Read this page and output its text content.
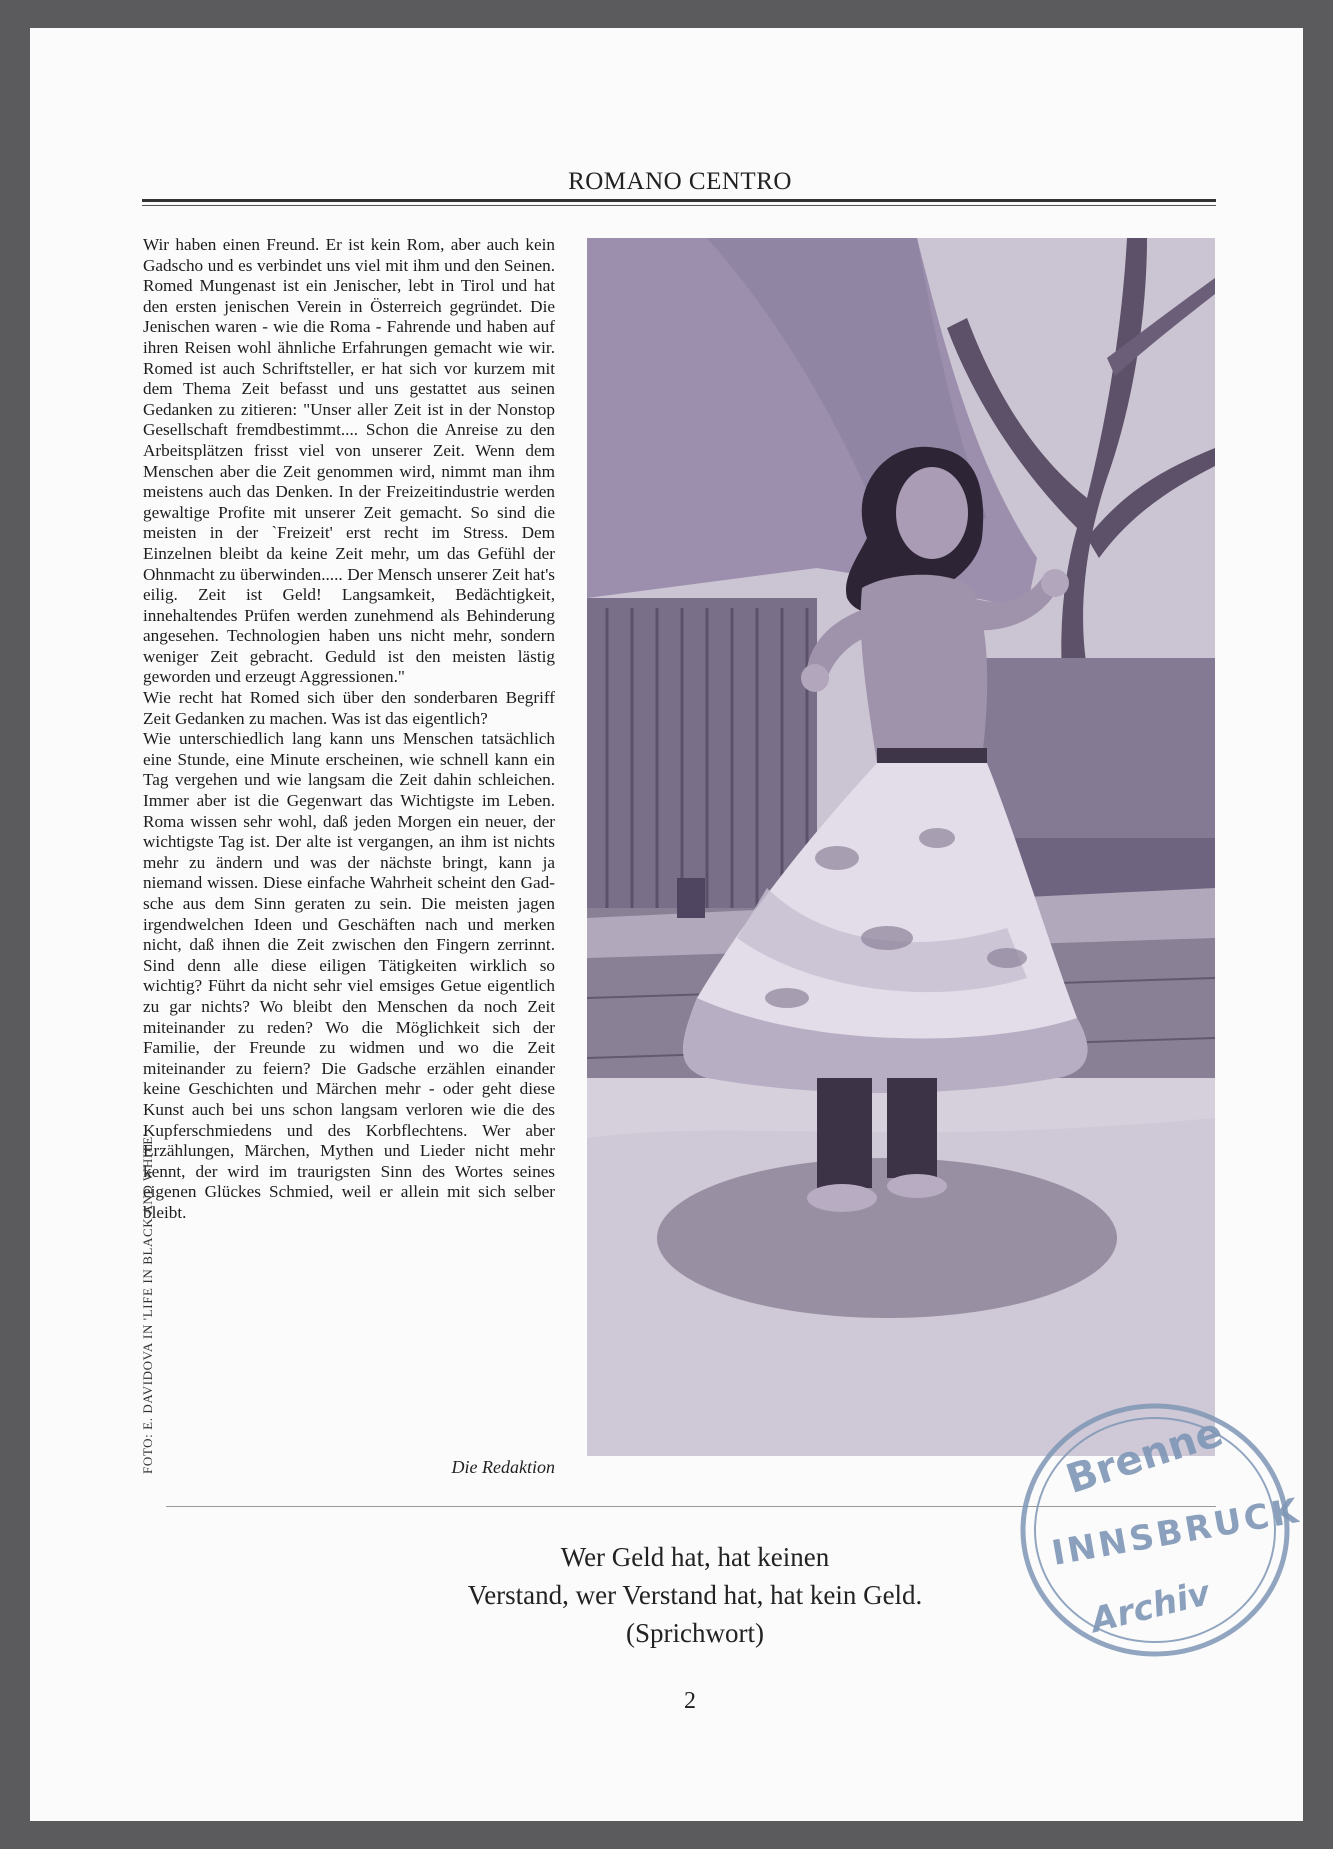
ROMANO CENTRO

Wir haben einen Freund. Er ist kein Rom, aber auch kein Gadscho und es verbindet uns viel mit ihm und den Seinen. Romed Mungenast ist ein Jenischer, lebt in Tirol und hat den ersten jenischen Verein in Österreich gegründet. Die Jenischen waren - wie die Roma - Fahrende und haben auf ihren Reisen wohl ähnliche Erfahrungen gemacht wie wir. Romed ist auch Schriftsteller, er hat sich vor kurzem mit dem Thema Zeit befasst und uns gestattet aus seinen Gedanken zu zitieren: "Unser aller Zeit ist in der Nonstop Gesellschaft fremdbestimmt.... Schon die Anreise zu den Arbeitsplätzen frisst viel von unserer Zeit. Wenn dem Menschen aber die Zeit genommen wird, nimmt man ihm meistens auch das Denken. In der Freizeitindustrie werden gewaltige Profite mit unserer Zeit gemacht. So sind die meisten in der `Freizeit' erst recht im Stress. Dem Einzelnen bleibt da keine Zeit mehr, um das Gefühl der Ohnmacht zu überwinden..... Der Mensch unserer Zeit hat's eilig. Zeit ist Geld! Langsamkeit, Bedächtigkeit, innehaltendes Prüfen werden zunehmend als Behinderung angesehen. Technologien haben uns nicht mehr, sondern weniger Zeit gebracht. Geduld ist den meisten lästig geworden und erzeugt Aggressionen."

Wie recht hat Romed sich über den sonderbaren Begriff Zeit Gedanken zu machen. Was ist das eigentlich?

Wie unterschiedlich lang kann uns Menschen tatsächlich eine Stunde, eine Minute erscheinen, wie schnell kann ein Tag vergehen und wie langsam die Zeit dahin schleichen. Immer aber ist die Gegenwart das Wichtigste im Leben. Roma wissen sehr wohl, daß jeden Morgen ein neuer, der wichtigste Tag ist. Der alte ist vergangen, an ihm ist nichts mehr zu ändern und was der nächste bringt, kann ja niemand wissen. Diese einfache Wahrheit scheint den Gadsche aus dem Sinn geraten zu sein. Die meisten jagen irgendwelchen Ideen und Geschäften nach und merken nicht, daß ihnen die Zeit zwischen den Fingern zerrinnt. Sind denn alle diese eiligen Tätigkeiten wirklich so wichtig? Führt da nicht sehr viel emsiges Getue eigentlich zu gar nichts? Wo bleibt den Menschen da noch Zeit miteinander zu reden? Wo die Möglichkeit sich der Familie, der Freunde zu widmen und wo die Zeit miteinander zu feiern? Die Gadsche erzählen einander keine Geschichten und Märchen mehr - oder geht diese Kunst auch bei uns schon langsam verloren wie die des Kupferschmiedens und des Korbflechtens. Wer aber Erzählungen, Märchen, Mythen und Lieder nicht mehr kennt, der wird im traurigsten Sinn des Wortes seines eigenen Glückes Schmied, weil er allein mit sich selber bleibt.

Die Redaktion
FOTO: E. DAVIDOVA IN 'LIFE IN BLACK AND WHITE'
Wer Geld hat, hat keinen
Verstand, wer Verstand hat, hat kein Geld.
(Sprichwort)
2
Brenne
INNSBRUCK
Archiv
